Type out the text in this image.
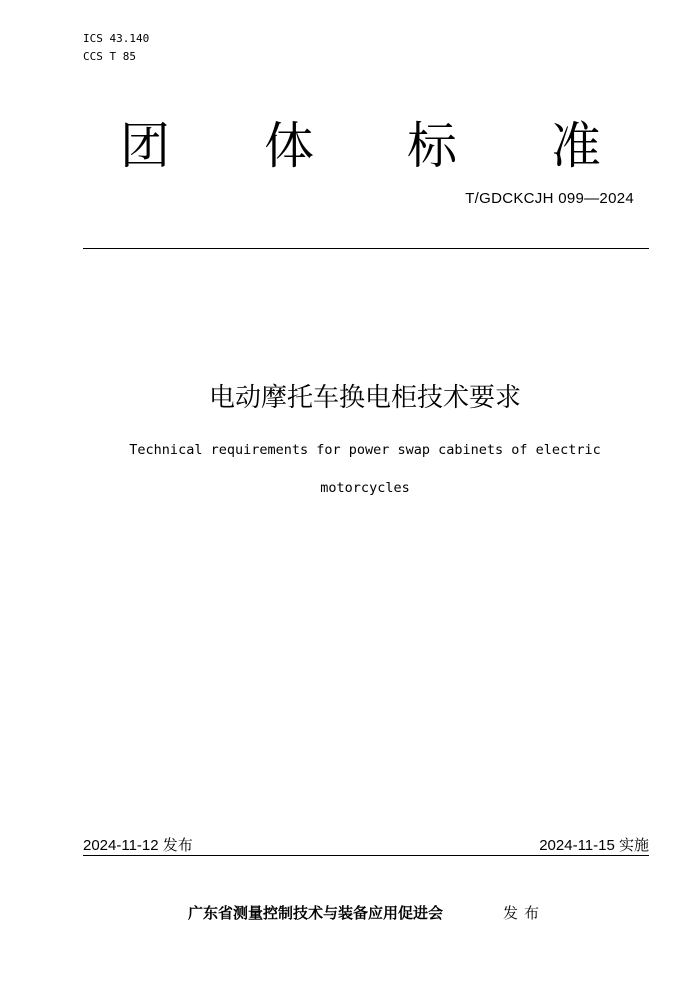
ICS 43.140
CCS T 85
团 体 标 准
T/GDCKCJH 099—2024
电动摩托车换电柜技术要求
Technical requirements for power swap cabinets of electric
motorcycles
2024-11-12 发布	2024-11-15 实施
广东省测量控制技术与装备应用促进会	发布
